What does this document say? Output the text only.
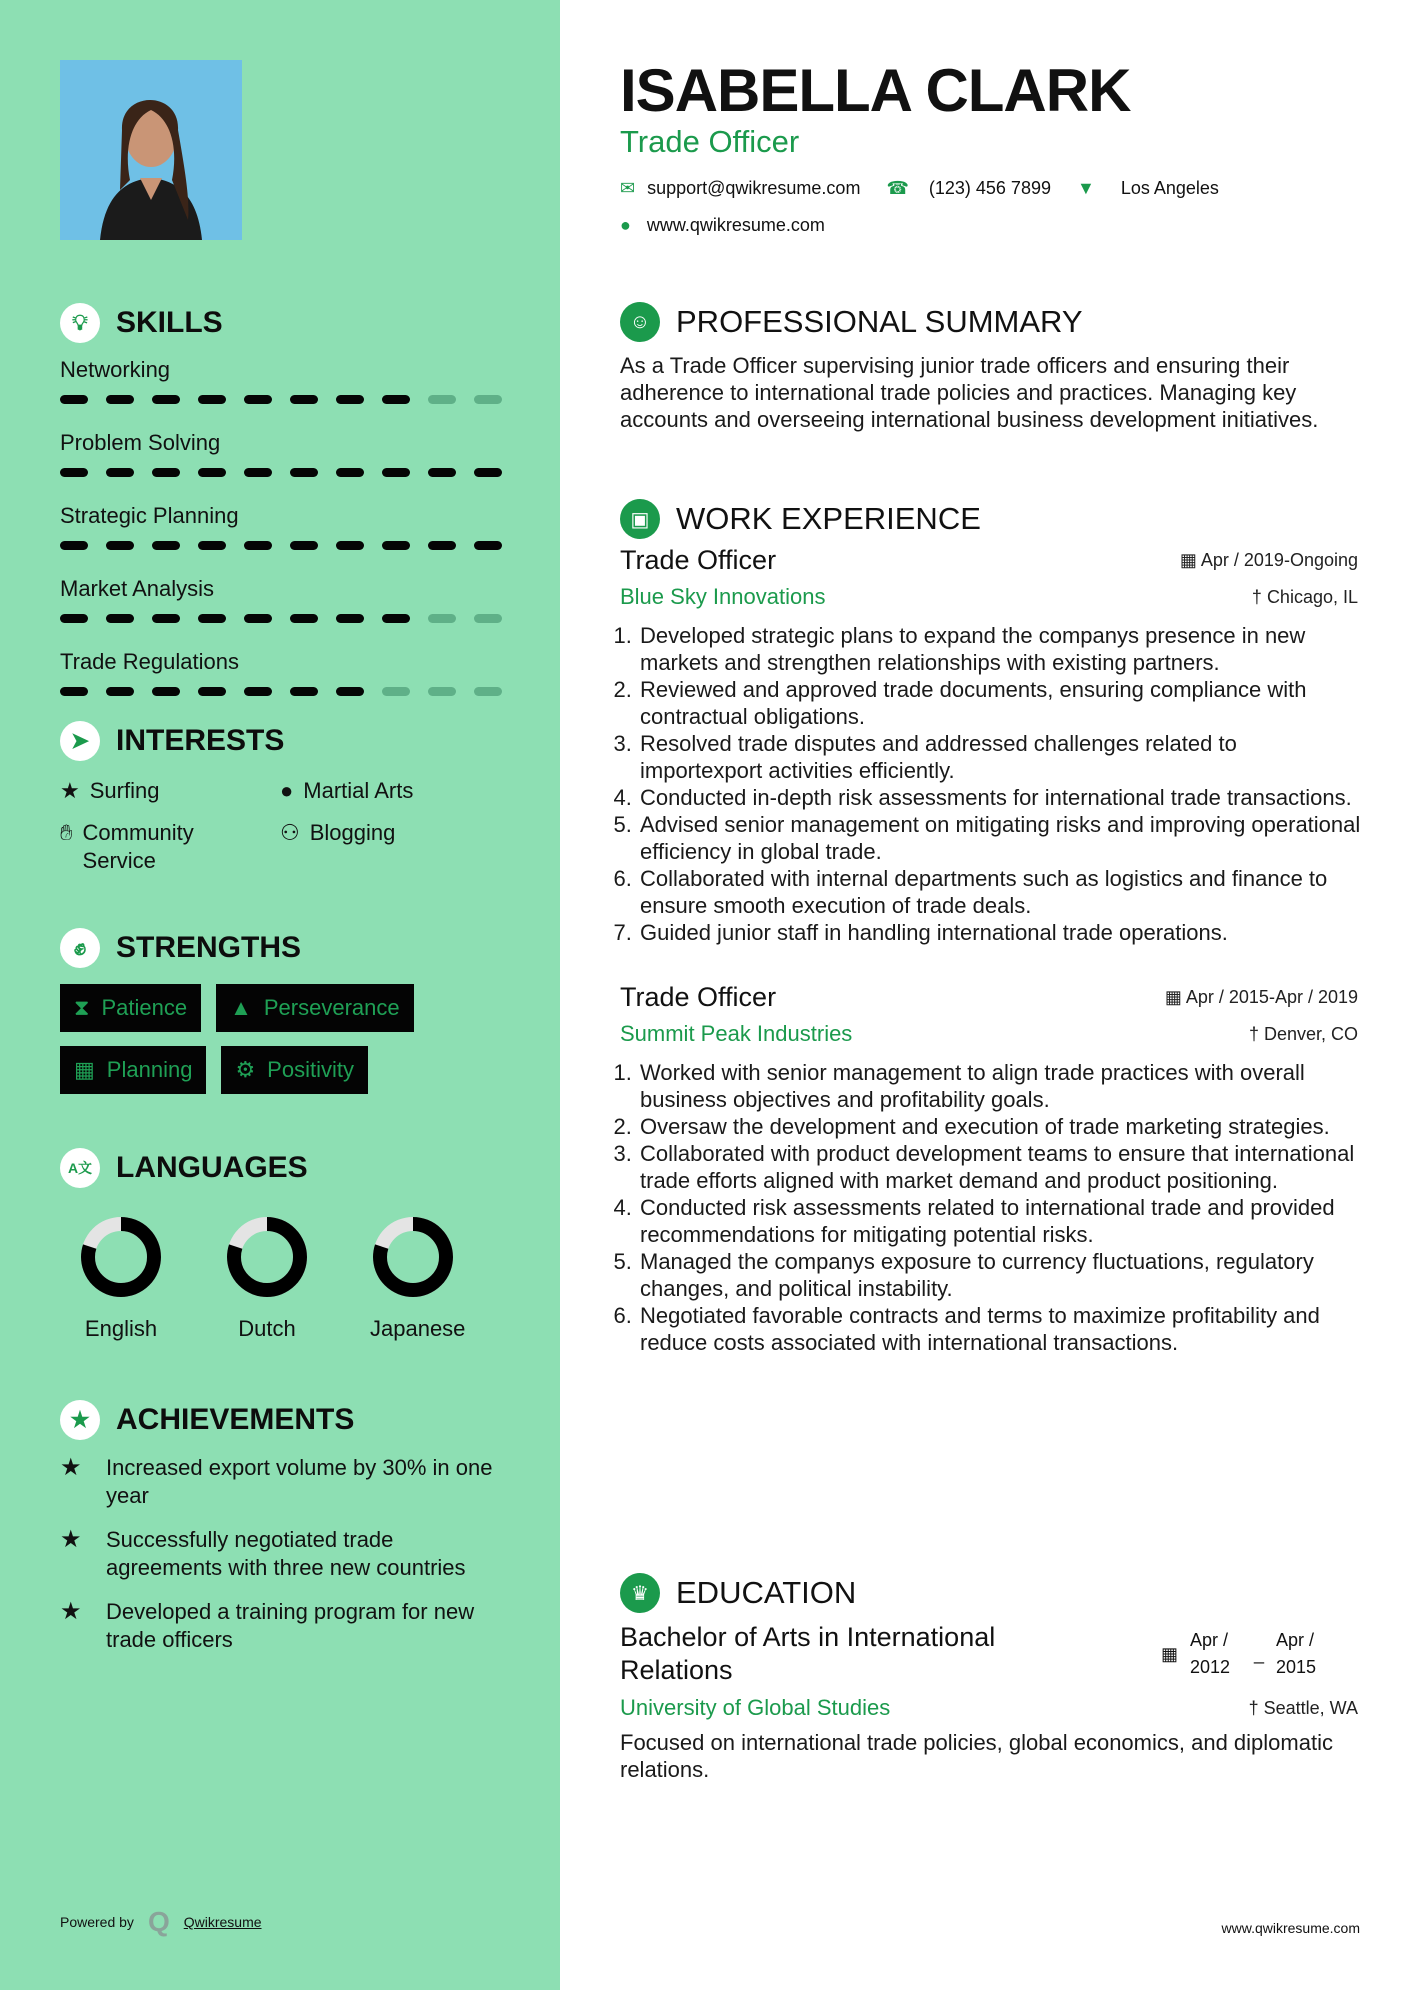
💡︎ SKILLS
Networking
Problem Solving
Strategic Planning
Market Analysis
Trade Regulations
➤ INTERESTS
★ Surfing	● Martial Arts
✋︎ Community Service
⚇ Blogging
✊︎ STRENGTHS
⧗ Patience ▲ Perseverance
▦ Planning ⚙︎ Positivity
A文 LANGUAGES
English	Dutch	Japanese
★ ACHIEVEMENTS
★	Increased export volume by 30% in one year
★	Successfully negotiated trade agreements with three new countries
★	Developed a training program for new trade officers
Powered by Q Qwikresume
ISABELLA CLARK
Trade Officer
✉ support@qwikresume.com ☎ (123) 456 7899 ▼ Los Angeles
● www.qwikresume.com
☺ PROFESSIONAL SUMMARY
As a Trade Officer supervising junior trade officers and ensuring their adherence to international trade policies and practices. Managing key accounts and overseeing international business development initiatives.
▣ WORK EXPERIENCE
Trade Officer	▦ Apr / 2019-Ongoing
Blue Sky Innovations	† Chicago, IL
1. Developed strategic plans to expand the companys presence in new markets and strengthen relationships with existing partners.
2. Reviewed and approved trade documents, ensuring compliance with contractual obligations.
3. Resolved trade disputes and addressed challenges related to importexport activities efficiently.
4. Conducted in-depth risk assessments for international trade transactions.
5. Advised senior management on mitigating risks and improving operational efficiency in global trade.
6. Collaborated with internal departments such as logistics and finance to ensure smooth execution of trade deals.
7. Guided junior staff in handling international trade operations.
Trade Officer	▦ Apr / 2015-Apr / 2019
Summit Peak Industries	† Denver, CO
1. Worked with senior management to align trade practices with overall business objectives and profitability goals.
2. Oversaw the development and execution of trade marketing strategies.
3. Collaborated with product development teams to ensure that international trade efforts aligned with market demand and product positioning.
4. Conducted risk assessments related to international trade and provided recommendations for mitigating potential risks.
5. Managed the companys exposure to currency fluctuations, regulatory changes, and political instability.
6. Negotiated favorable contracts and terms to maximize profitability and reduce costs associated with international transactions.
♛ EDUCATION
Bachelor of Arts in International Relations
▦
Apr / 2012
_
Apr / 2015
University of Global Studies	† Seattle, WA
Focused on international trade policies, global economics, and diplomatic relations.
www.qwikresume.com
